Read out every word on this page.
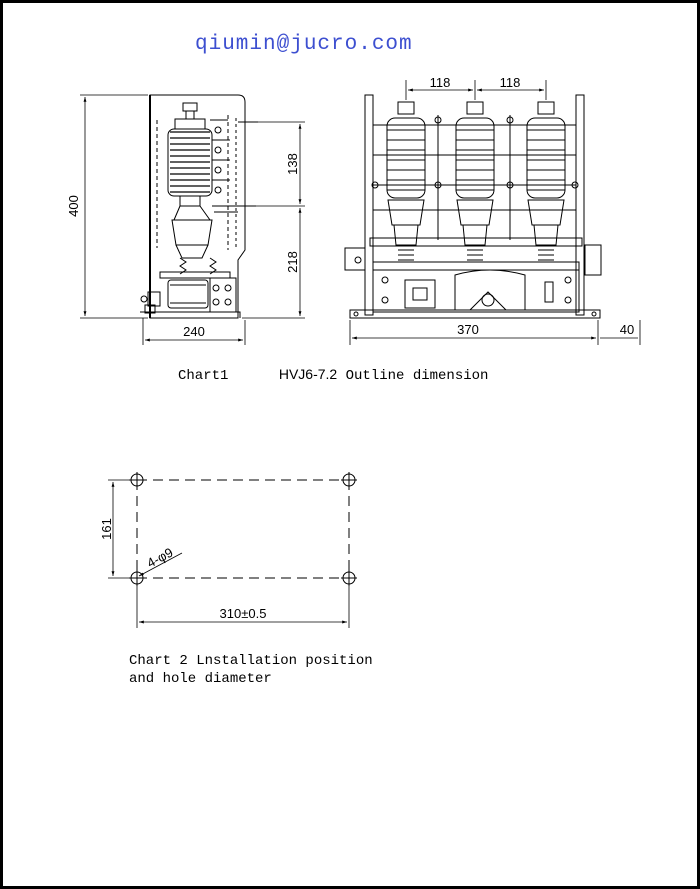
qiumin@jucro.com
400
138
218
240
118	118
370	40
161
4-φ9
310±0.5
Chart1	HVJ6-7.2 Outline dimension
Chart 2 Lnstallation position
and hole diameter
